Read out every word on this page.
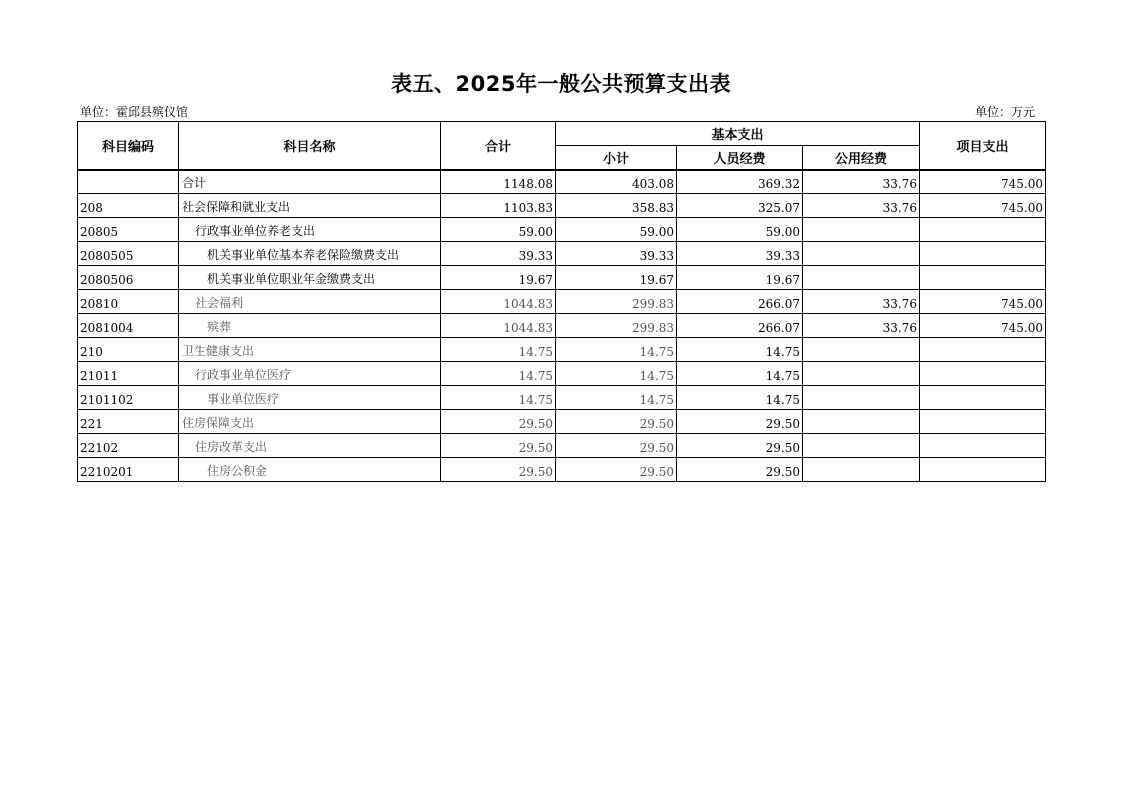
表五、2025年一般公共预算支出表
单位：霍邱县殡仪馆	单位：万元
科目编码	科目名称	合计	基本支出			项目支出
			小计	人员经费	公用经费	
	合计	1148.08	403.08	369.32	33.76	745.00
208	社会保障和就业支出	1103.83	358.83	325.07	33.76	745.00
20805	行政事业单位养老支出	59.00	59.00	59.00		
2080505	机关事业单位基本养老保险缴费支出	39.33	39.33	39.33		
2080506	机关事业单位职业年金缴费支出	19.67	19.67	19.67		
20810	社会福利	1044.83	299.83	266.07	33.76	745.00
2081004	殡葬	1044.83	299.83	266.07	33.76	745.00
210	卫生健康支出	14.75	14.75	14.75		
21011	行政事业单位医疗	14.75	14.75	14.75		
2101102	事业单位医疗	14.75	14.75	14.75		
221	住房保障支出	29.50	29.50	29.50		
22102	住房改革支出	29.50	29.50	29.50		
2210201	住房公积金	29.50	29.50	29.50		
